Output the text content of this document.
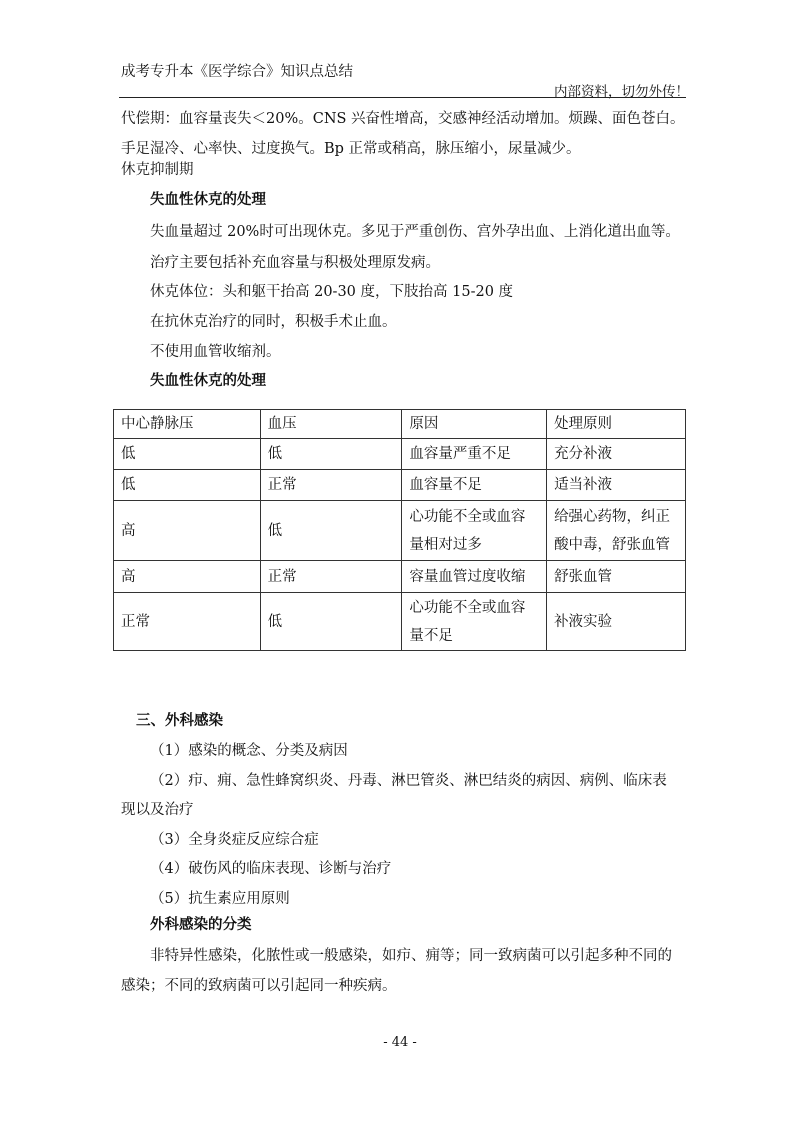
成考专升本《医学综合》知识点总结
内部资料，切勿外传！
代偿期：血容量丧失＜20%。CNS 兴奋性增高，交感神经活动增加。烦躁、面色苍白。
手足湿冷、心率快、过度换气。Bp 正常或稍高，脉压缩小，尿量减少。
休克抑制期
失血性休克的处理
失血量超过 20%时可出现休克。多见于严重创伤、宫外孕出血、上消化道出血等。
治疗主要包括补充血容量与积极处理原发病。
休克体位：头和躯干抬高 20-30 度，下肢抬高 15-20 度
在抗休克治疗的同时，积极手术止血。
不使用血管收缩剂。
失血性休克的处理
中心静脉压	血压	原因	处理原则
低	低	血容量严重不足	充分补液
低	正常	血容量不足	适当补液
高	低	心功能不全或血容量相对过多	给强心药物，纠正酸中毒，舒张血管
高	正常	容量血管过度收缩	舒张血管
正常	低	心功能不全或血容量不足	补液实验
三、外科感染
（1）感染的概念、分类及病因
（2）疖、痈、急性蜂窝织炎、丹毒、淋巴管炎、淋巴结炎的病因、病例、临床表
现以及治疗
（3）全身炎症反应综合症
（4）破伤风的临床表现、诊断与治疗
（5）抗生素应用原则
外科感染的分类
非特异性感染，化脓性或一般感染，如疖、痈等；同一致病菌可以引起多种不同的
感染；不同的致病菌可以引起同一种疾病。
- 44 -
